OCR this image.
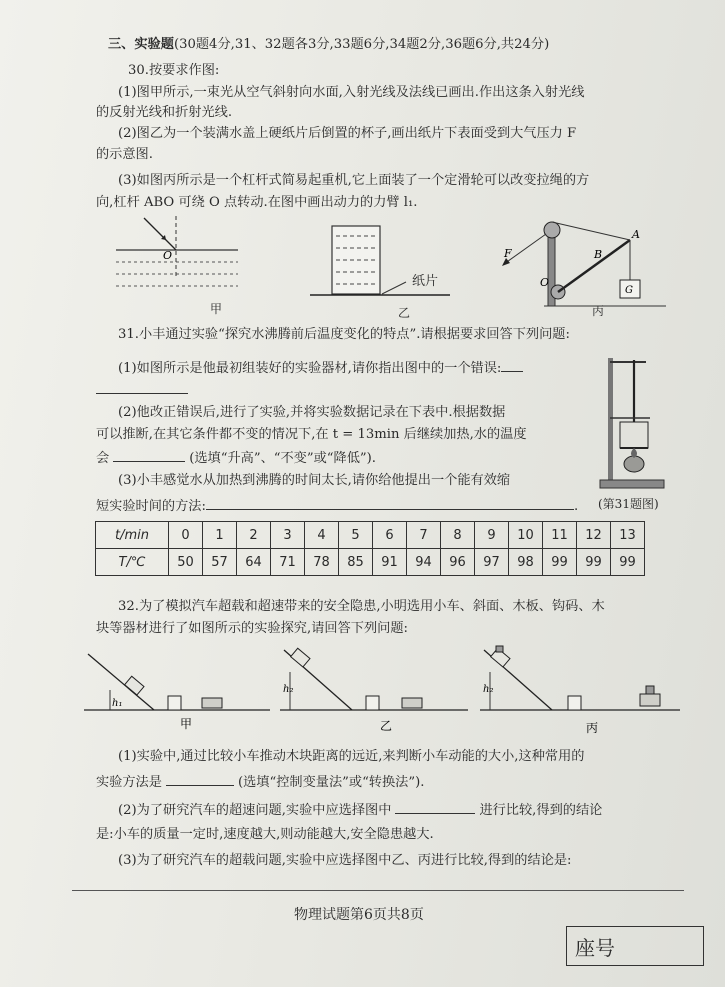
三、实验题(30题4分,31、32题各3分,33题6分,34题2分,36题6分,共24分)
30.按要求作图:
(1)图甲所示,一束光从空气斜射向水面,入射光线及法线已画出.作出这条入射光线
的反射光线和折射光线.
(2)图乙为一个装满水盖上硬纸片后倒置的杯子,画出纸片下表面受到大气压力 F
的示意图.
(3)如图丙所示是一个杠杆式简易起重机,它上面装了一个定滑轮可以改变拉绳的方
向,杠杆 ABO 可绕 O 点转动.在图中画出动力的力臂 l₁.
O
甲
纸片
乙
F
A
B
O
G
丙
31.小丰通过实验“探究水沸腾前后温度变化的特点”.请根据要求回答下列问题:
(1)如图所示是他最初组装好的实验器材,请你指出图中的一个错误:
(2)他改正错误后,进行了实验,并将实验数据记录在下表中.根据数据
可以推断,在其它条件都不变的情况下,在 t = 13min 后继续加热,水的温度
会	(选填“升高”、“不变”或“降低”).
(3)小丰感觉水从加热到沸腾的时间太长,请你给他提出一个能有效缩
短实验时间的方法:	. (第31题图)
t/min	0	1	2	3	4	5	6	7	8	9	10	11	12	13
T/℃	50	57	64	71	78	85	91	94	96	97	98	99	99	99
32.为了模拟汽车超载和超速带来的安全隐患,小明选用小车、斜面、木板、钩码、木
块等器材进行了如图所示的实验探究,请回答下列问题:
h₁
h₂	h₂
甲	乙	丙
(1)实验中,通过比较小车推动木块距离的远近,来判断小车动能的大小,这种常用的
实验方法是	(选填“控制变量法”或“转换法”).
(2)为了研究汽车的超速问题,实验中应选择图中	进行比较,得到的结论
是:小车的质量一定时,速度越大,则动能越大,安全隐患越大.
(3)为了研究汽车的超载问题,实验中应选择图中乙、丙进行比较,得到的结论是:
物理试题第6页共8页
座号
